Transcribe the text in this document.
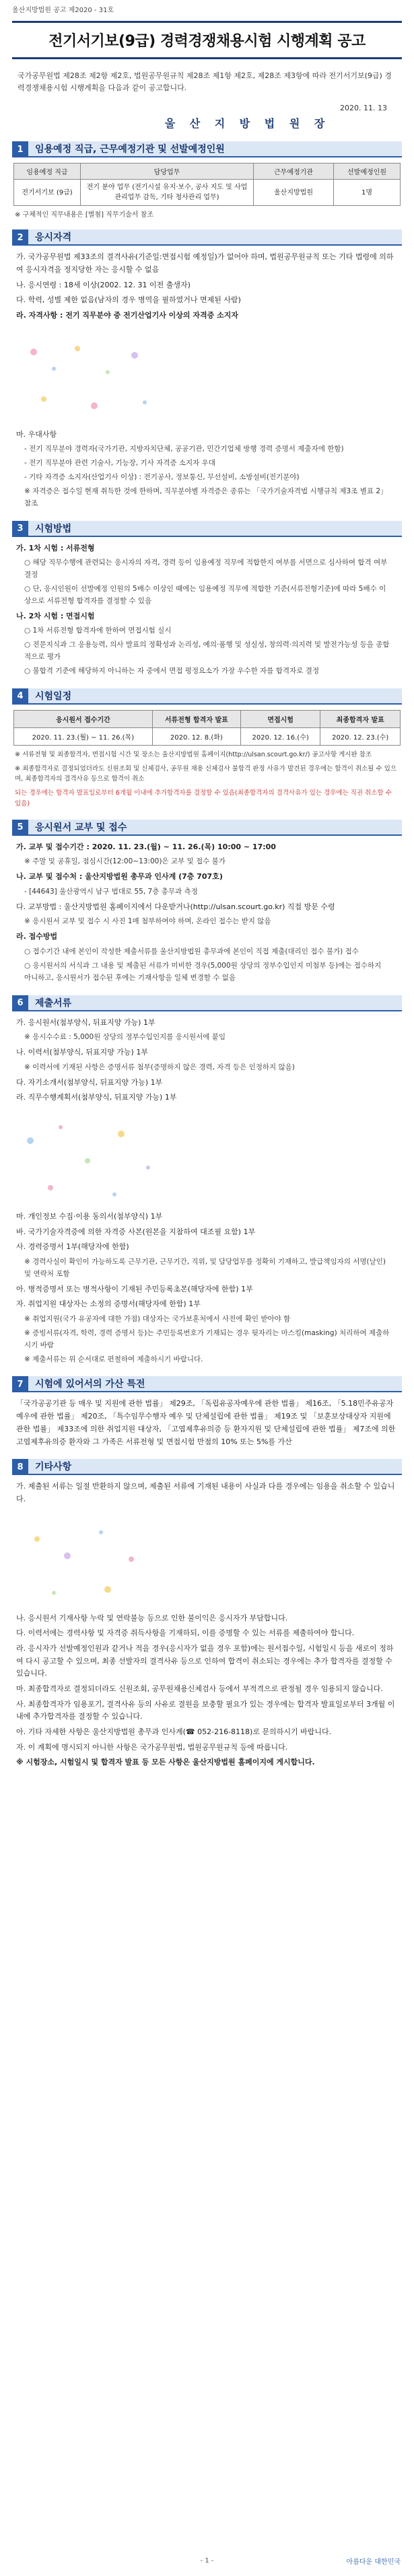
울산지방법원 공고 제2020 - 31호
전기서기보(9급) 경력경쟁채용시험 시행계획 공고
국가공무원법 제28조 제2항 제2호, 법원공무원규칙 제28조 제1항 제2호, 제28조 제3항에 따라 전기서기보(9급) 경력경쟁채용시험 시행계획을 다음과 같이 공고합니다.
2020. 11. 13
울 산 지 방 법 원 장
1	임용예정 직급, 근무예정기관 및 선발예정인원
임용예정 직급	담당업무	근무예정기관	선발예정인원
전기서기보 (9급)	전기 분야 업무 (전기시설 유지·보수, 공사 지도 및 사업관리업무 감독, 기타 청사관리 업무)	울산지방법원	1명
※ 구체적인 직무내용은 [별첨] 직무기술서 참조
2	응시자격
가. 국가공무원법 제33조의 결격사유(기준일:면접시험 예정일)가 없어야 하며, 법원공무원규칙 또는 기타 법령에 의하여 응시자격을 정지당한 자는 응시할 수 없음
나. 응시연령 : 18세 이상(2002. 12. 31 이전 출생자)
다. 학력, 성별 제한 없음(남자의 경우 병역을 필하였거나 면제된 사람)
라. 자격사항 : 전기 직무분야 중 전기산업기사 이상의 자격증 소지자
마. 우대사항
- 전기 직무분야 경력자(국가기관, 지방자치단체, 공공기관, 민간기업체 방행 경력 증명서 제출자에 한함)
- 전기 직무분야 관련 기술사, 기능장, 기사 자격증 소지자 우대
- 기타 자격증 소지자(산업기사 이상) : 전기공사, 정보통신, 무선설비, 소방설비(전기분야)
※ 자격증은 접수일 현재 취득한 것에 한하며, 직무분야별 자격증은 종류는 「국가기술자격법 시행규칙 제3조 별표 2」 참조
3	시험방법
가. 1차 시험 : 서류전형
○ 해당 직무수행에 관련되는 응시자의 자격, 경력 등이 임용예정 직무에 적합한지 여부를 서면으로 심사하여 합격 여부 결정
○ 단, 응시인원이 선발예정 인원의 5배수 이상인 때에는 임용예정 직무에 적합한 기준(서류전형기준)에 따라 5배수 이상으로 서류전형 합격자를 결정할 수 있음
나. 2차 시험 : 면접시험
○ 1차 서류전형 합격자에 한하여 면접시험 실시
○ 전문지식과 그 응용능력, 의사 발표의 정확성과 논리성, 예의·품행 및 성실성, 창의력·의지력 및 발전가능성 등을 종합적으로 평가
○ 불합격 기준에 해당하지 아니하는 자 중에서 면접 평정요소가 가장 우수한 자를 합격자로 결정
4	시험일정
응시원서 접수기간	서류전형 합격자 발표	면접시험	최종합격자 발표
2020. 11. 23.(월) ~ 11. 26.(목)	2020. 12. 8.(화)	2020. 12. 16.(수)	2020. 12. 23.(수)
※ 서류전형 및 최종합격자, 면접시험 시간 및 장소는 울산지방법원 홈페이지(http://ulsan.scourt.go.kr/) 공고사항 게시판 참조
※ 최종합격자로 결정되었더라도 신원조회 및 신체검사, 공무원 채용 신체검사 불합격 판정 사유가 발견된 경우에는 합격이 취소될 수 있으며, 최종합격자의 결격사유 등으로 합격이 취소
되는 경우에는 합격자 발표일로부터 6개월 이내에 추가합격자를 결정할 수 있음(최종합격자의 결격사유가 있는 경우에는 직권 취소할 수 있음)
5	응시원서 교부 및 접수
가. 교부 및 접수기간 : 2020. 11. 23.(월) ~ 11. 26.(목) 10:00 ~ 17:00
※ 주말 및 공휴일, 점심시간(12:00~13:00)은 교부 및 접수 불가
나. 교부 및 접수처 : 울산지방법원 총무과 인사계 (7층 707호)
- [44643] 울산광역시 남구 법대로 55, 7층 총무과 측정
다. 교부방법 : 울산지방법원 홈페이지에서 다운받거나(http://ulsan.scourt.go.kr) 직접 방문 수령
※ 응시원서 교부 및 접수 시 사진 1매 첨부하여야 하며, 온라인 접수는 받지 않음
라. 접수방법
○ 접수기간 내에 본인이 작성한 제출서류를 울산지방법원 총무과에 본인이 직접 제출(대리인 접수 불가) 접수
○ 응시원서의 서식과 그 내용 및 제출된 서류가 미비한 경우(5,000원 상당의 정부수입인지 미첨부 등)에는 접수하지 아니하고, 응시원서가 접수된 후에는 기재사항을 일체 변경할 수 없음
6	제출서류
가. 응시원서(첨부양식, 뒤표지양 가능) 1부
※ 응시수수료 : 5,000원 상당의 정부수입인지를 응시원서에 붙임
나. 이력서(첨부양식, 뒤표지양 가능) 1부
※ 이력서에 기재된 사항은 증명서류 첨부(증명하지 않은 경력, 자격 등은 인정하지 않음)
다. 자기소개서(첨부양식, 뒤표지양 가능) 1부
라. 직무수행계획서(첨부양식, 뒤표지양 가능) 1부
마. 개인정보 수집·이용 동의서(첨부양식) 1부
바. 국가기술자격증에 의한 자격증 사본(원본을 지참하여 대조필 요함) 1부
사. 경력증명서 1부(해당자에 한함)
※ 경력사실이 확인이 가능하도록 근무기관, 근무기간, 직위, 및 담당업무를 정확히 기재하고, 발급책임자의 서명(날인) 및 연락처 포함
아. 병적증명서 또는 병적사항이 기재된 주민등록초본(해당자에 한함) 1부
자. 취업지원 대상자는 소정의 증명서(해당자에 한함) 1부
※ 취업지원(국가 유공자에 대한 가점) 대상자는 국가보훈처에서 사전에 확인 받아야 함
※ 증빙서류(자격, 학력, 경력 증명서 등)는 주민등록번호가 기재되는 경우 뒷자리는 마스킹(masking) 처리하여 제출하시기 바람
※ 제출서류는 위 순서대로 편철하여 제출하시기 바랍니다.
7	시험에 있어서의 가산 특전
「국가공공기관 등 매우 및 지원에 관한 법률」 제29조, 「독립유공자예우에 관한 법률」 제16조, 「5.18민주유공자예우에 관한 법률」 제20조, 「특수임무수행자 예우 및 단체설립에 관한 법률」 제19조 및 「보훈보상대상자 지원에 관한 법률」 제33조에 의한 취업지원 대상자, 「고엽제후유의증 등 환자지원 및 단체설립에 관한 법률」 제7조에 의한 고엽제후유의증 환자와 그 가족은 서류전형 및 면접시험 만점의 10% 또는 5%를 가산
8	기타사항
가. 제출된 서류는 일절 반환하지 않으며, 제출된 서류에 기재된 내용이 사실과 다를 경우에는 임용을 취소할 수 있습니다.
나. 응시원서 기재사항 누락 및 연락불능 등으로 인한 불이익은 응시자가 부담합니다.
다. 이력서에는 경력사항 및 자격증 취득사항을 기재하되, 이를 증명할 수 있는 서류를 제출하여야 합니다.
라. 응시자가 선발예정인원과 같거나 적을 경우(응시자가 없을 경우 포함)에는 원서접수일, 시험일시 등을 새로이 정하여 다시 공고할 수 있으며, 최종 선발자의 결격사유 등으로 인하여 합격이 취소되는 경우에는 추가 합격자를 결정할 수 있습니다.
마. 최종합격자로 결정되더라도 신원조회, 공무원채용신체검사 등에서 부적격으로 판정될 경우 임용되지 않습니다.
사. 최종합격자가 임용포기, 결격사유 등의 사유로 결원을 보충할 필요가 있는 경우에는 합격자 발표일로부터 3개월 이내에 추가합격자를 결정할 수 있습니다.
아. 기타 자세한 사항은 울산지방법원 총무과 인사계(☎ 052-216-8118)로 문의하시기 바랍니다.
자. 이 계획에 명시되지 아니한 사항은 국가공무원법, 법원공무원규칙 등에 따릅니다.
※ 시험장소, 시험일시 및 합격자 발표 등 모든 사항은 울산지방법원 홈페이지에 게시합니다.
- 1 -	아름다운 대한민국
